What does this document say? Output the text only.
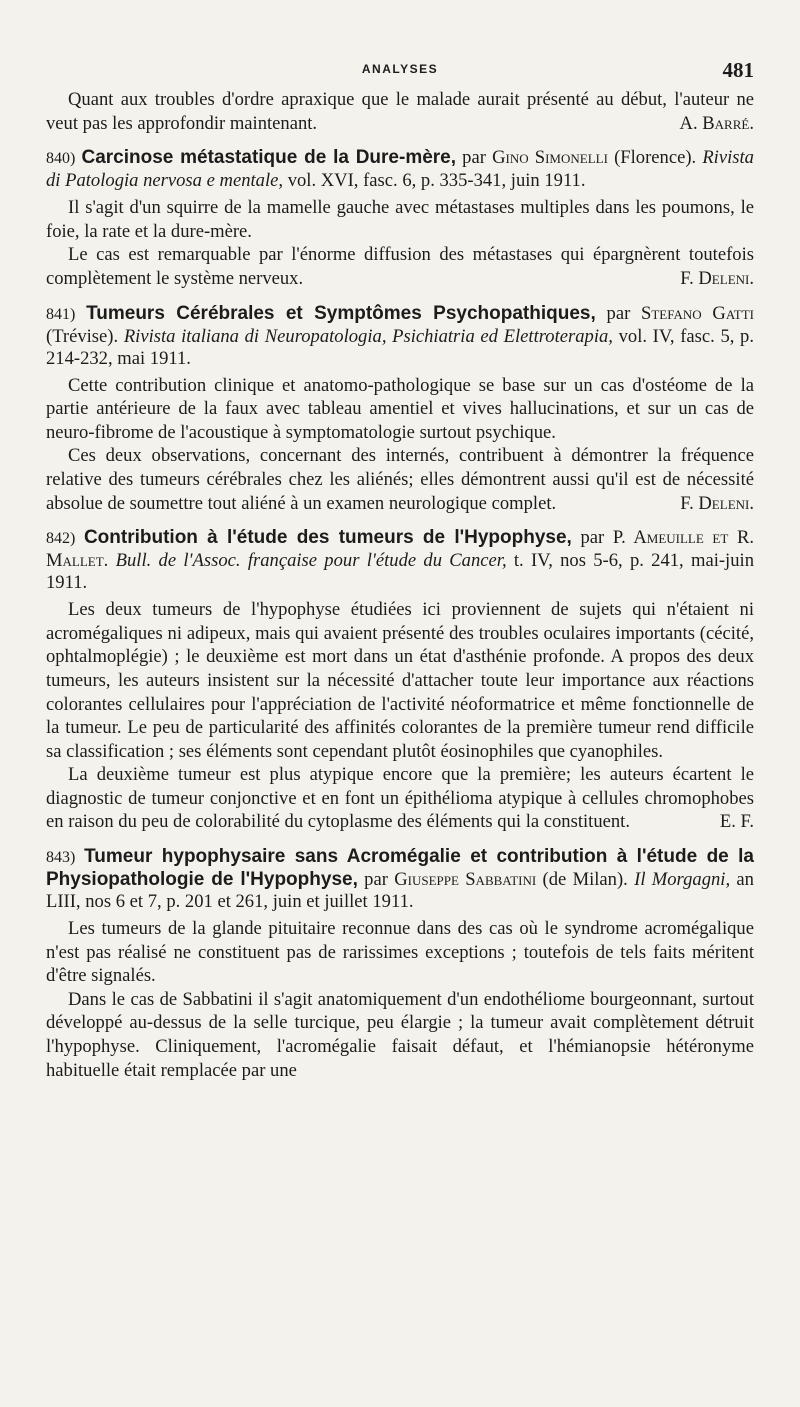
ANALYSES	481

Quant aux troubles d'ordre apraxique que le malade aurait présenté au début, l'auteur ne veut pas les approfondir maintenant.	A. Barré.

840) Carcinose métastatique de la Dure-mère, par Gino Simonelli (Florence). Rivista di Patologia nervosa e mentale, vol. XVI, fasc. 6, p. 335-341, juin 1911.

Il s'agit d'un squirre de la mamelle gauche avec métastases multiples dans les poumons, le foie, la rate et la dure-mère.

Le cas est remarquable par l'énorme diffusion des métastases qui épargnèrent toutefois complètement le système nerveux.	F. Deleni.

841) Tumeurs Cérébrales et Symptômes Psychopathiques, par Stefano Gatti (Trévise). Rivista italiana di Neuropatologia, Psichiatria ed Elettroterapia, vol. IV, fasc. 5, p. 214-232, mai 1911.

Cette contribution clinique et anatomo-pathologique se base sur un cas d'ostéome de la partie antérieure de la faux avec tableau amentiel et vives hallucinations, et sur un cas de neuro-fibrome de l'acoustique à symptomatologie surtout psychique.

Ces deux observations, concernant des internés, contribuent à démontrer la fréquence relative des tumeurs cérébrales chez les aliénés; elles démontrent aussi qu'il est de nécessité absolue de soumettre tout aliéné à un examen neurologique complet.	F. Deleni.

842) Contribution à l'étude des tumeurs de l'Hypophyse, par P. Ameuille et R. Mallet. Bull. de l'Assoc. française pour l'étude du Cancer, t. IV, nos 5-6, p. 241, mai-juin 1911.

Les deux tumeurs de l'hypophyse étudiées ici proviennent de sujets qui n'étaient ni acromégaliques ni adipeux, mais qui avaient présenté des troubles oculaires importants (cécité, ophtalmoplégie) ; le deuxième est mort dans un état d'asthénie profonde. A propos des deux tumeurs, les auteurs insistent sur la nécessité d'attacher toute leur importance aux réactions colorantes cellulaires pour l'appréciation de l'activité néoformatrice et même fonctionnelle de la tumeur. Le peu de particularité des affinités colorantes de la première tumeur rend difficile sa classification ; ses éléments sont cependant plutôt éosinophiles que cyanophiles.

La deuxième tumeur est plus atypique encore que la première; les auteurs écartent le diagnostic de tumeur conjonctive et en font un épithélioma atypique à cellules chromophobes en raison du peu de colorabilité du cytoplasme des éléments qui la constituent.	E. F.

843) Tumeur hypophysaire sans Acromégalie et contribution à l'étude de la Physiopathologie de l'Hypophyse, par Giuseppe Sabbatini (de Milan). Il Morgagni, an LIII, nos 6 et 7, p. 201 et 261, juin et juillet 1911.

Les tumeurs de la glande pituitaire reconnue dans des cas où le syndrome acromégalique n'est pas réalisé ne constituent pas de rarissimes exceptions ; toutefois de tels faits méritent d'être signalés.

Dans le cas de Sabbatini il s'agit anatomiquement d'un endothéliome bourgeonnant, surtout développé au-dessus de la selle turcique, peu élargie ; la tumeur avait complètement détruit l'hypophyse. Cliniquement, l'acromégalie faisait défaut, et l'hémianopsie hétéronyme habituelle était remplacée par une
